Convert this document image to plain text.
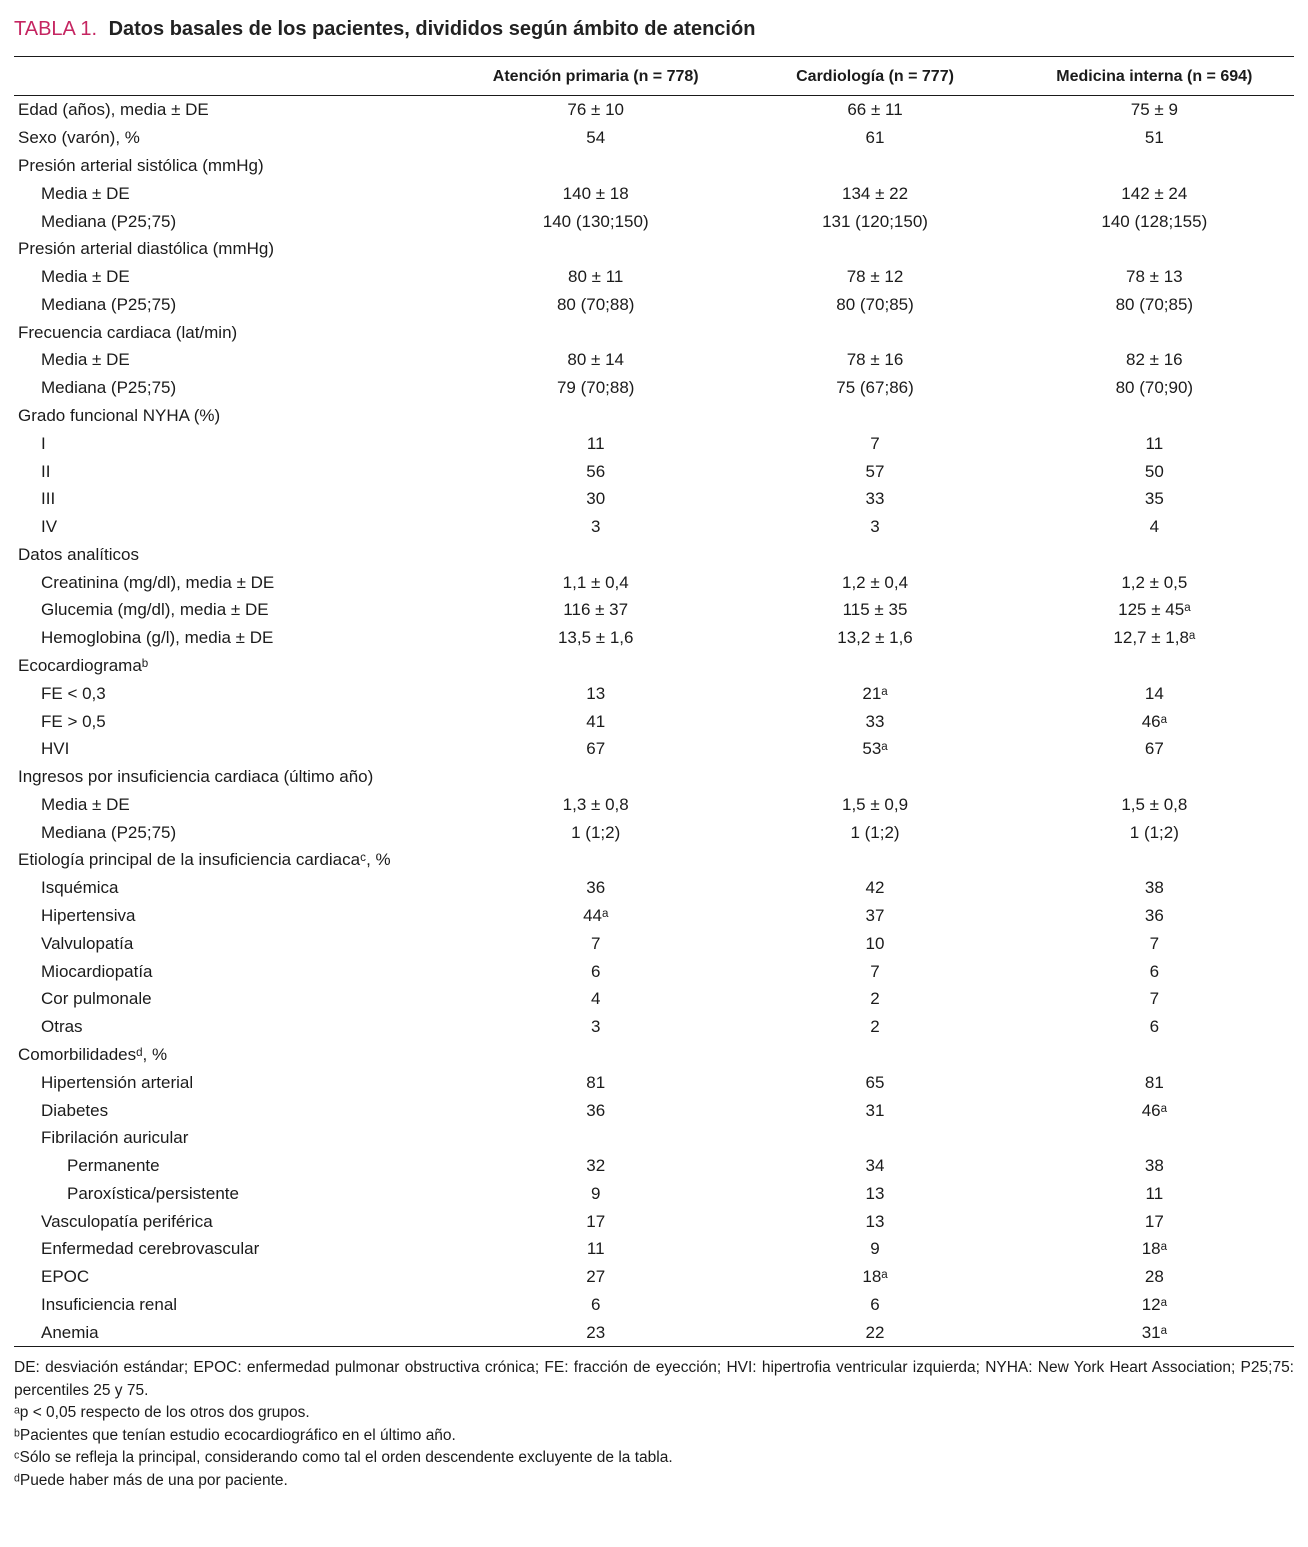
TABLA 1. Datos basales de los pacientes, divididos según ámbito de atención
	Atención primaria (n = 778)	Cardiología (n = 777)	Medicina interna (n = 694)
Edad (años), media ± DE	76 ± 10	66 ± 11	75 ± 9
Sexo (varón), %	54	61	51
Presión arterial sistólica (mmHg)			
Media ± DE	140 ± 18	134 ± 22	142 ± 24
Mediana (P25;75)	140 (130;150)	131 (120;150)	140 (128;155)
Presión arterial diastólica (mmHg)			
Media ± DE	80 ± 11	78 ± 12	78 ± 13
Mediana (P25;75)	80 (70;88)	80 (70;85)	80 (70;85)
Frecuencia cardiaca (lat/min)			
Media ± DE	80 ± 14	78 ± 16	82 ± 16
Mediana (P25;75)	79 (70;88)	75 (67;86)	80 (70;90)
Grado funcional NYHA (%)			
I	11	7	11
II	56	57	50
III	30	33	35
IV	3	3	4
Datos analíticos			
Creatinina (mg/dl), media ± DE	1,1 ± 0,4	1,2 ± 0,4	1,2 ± 0,5
Glucemia (mg/dl), media ± DE	116 ± 37	115 ± 35	125 ± 45ᵃ
Hemoglobina (g/l), media ± DE	13,5 ± 1,6	13,2 ± 1,6	12,7 ± 1,8ᵃ
Ecocardiogramaᵇ			
FE < 0,3	13	21ᵃ	14
FE > 0,5	41	33	46ᵃ
HVI	67	53ᵃ	67
Ingresos por insuficiencia cardiaca (último año)			
Media ± DE	1,3 ± 0,8	1,5 ± 0,9	1,5 ± 0,8
Mediana (P25;75)	1 (1;2)	1 (1;2)	1 (1;2)
Etiología principal de la insuficiencia cardiacaᶜ, %			
Isquémica	36	42	38
Hipertensiva	44ᵃ	37	36
Valvulopatía	7	10	7
Miocardiopatía	6	7	6
Cor pulmonale	4	2	7
Otras	3	2	6
Comorbilidadesᵈ, %			
Hipertensión arterial	81	65	81
Diabetes	36	31	46ᵃ
Fibrilación auricular			
Permanente	32	34	38
Paroxística/persistente	9	13	11
Vasculopatía periférica	17	13	17
Enfermedad cerebrovascular	11	9	18ᵃ
EPOC	27	18ᵃ	28
Insuficiencia renal	6	6	12ᵃ
Anemia	23	22	31ᵃ

DE: desviación estándar; EPOC: enfermedad pulmonar obstructiva crónica; FE: fracción de eyección; HVI: hipertrofia ventricular izquierda; NYHA: New York Heart Association; P25;75: percentiles 25 y 75.

ᵃp < 0,05 respecto de los otros dos grupos.

ᵇPacientes que tenían estudio ecocardiográfico en el último año.

ᶜSólo se refleja la principal, considerando como tal el orden descendente excluyente de la tabla.

ᵈPuede haber más de una por paciente.
